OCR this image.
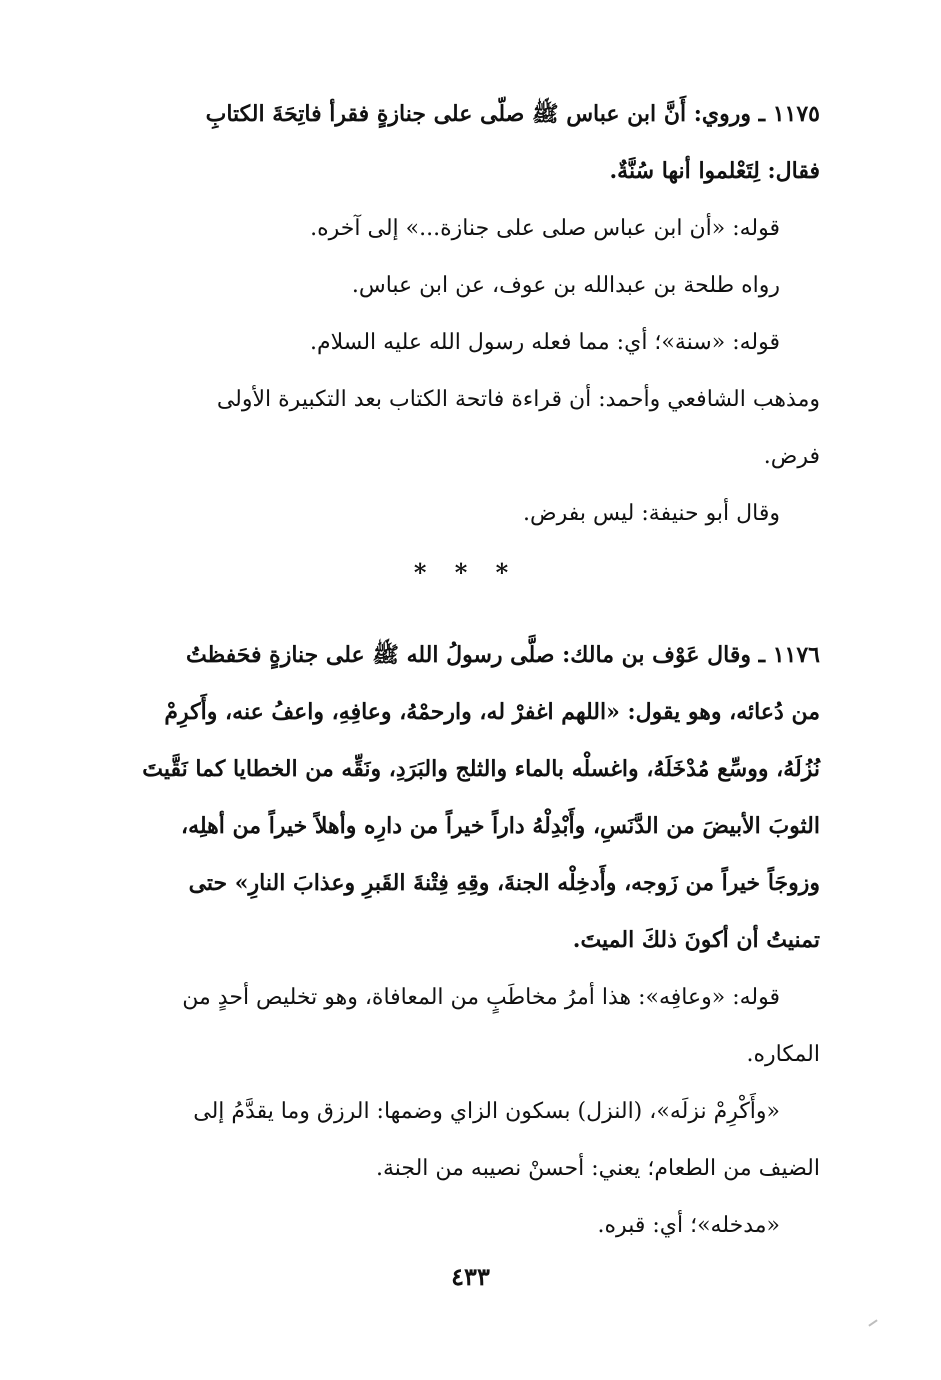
١١٧٥ ـ وروي: أَنَّ ابن عباس ﷺ صلّى على جنازةٍ فقرأ فاتِحَةَ الكتابِ

فقال: لِتَعْلموا أنها سُنَّةٌ.

قوله: «أن ابن عباس صلى على جنازة...» إلى آخره.

رواه طلحة بن عبدالله بن عوف، عن ابن عباس.

قوله: «سنة»؛ أي: مما فعله رسول الله عليه السلام.

ومذهب الشافعي وأحمد: أن قراءة فاتحة الكتاب بعد التكبيرة الأولى

فرض.

وقال أبو حنيفة: ليس بفرض.

* * *

١١٧٦ ـ وقال عَوْف بن مالك: صلَّى رسولُ الله ﷺ على جنازةٍ فحَفظتُ

من دُعائه، وهو يقول: «اللهم اغفرْ له، وارحمْهُ، وعافِهِ، واعفُ عنه، وأَكرِمْ

نُزُلَهُ، ووسِّع مُدْخَلَهُ، واغسلْه بالماء والثلج والبَرَدِ، ونَقِّه من الخطايا كما نَقَّيتَ

الثوبَ الأبيضَ من الدَّنَسِ، وأَبْدِلْهُ داراً خيراً من دارِه وأهلاً خيراً من أهلِه،

وزوجَاً خيراً من زَوجه، وأَدخِلْه الجنةَ، وقِهِ فِتْنةَ القَبرِ وعذابَ النارِ» حتى

تمنيتُ أن أكونَ ذلكَ الميتَ.

قوله: «وعافِه»: هذا أمرُ مخاطَبٍ من المعافاة، وهو تخليص أحدٍ من

المكاره.

«وأَكْرِمْ نزلَه»، (النزل) بسكون الزاي وضمها: الرزق وما يقدَّمُ إلى

الضيف من الطعام؛ يعني: أحسنْ نصيبه من الجنة.

«مدخله»؛ أي: قبره.

٤٣٣
